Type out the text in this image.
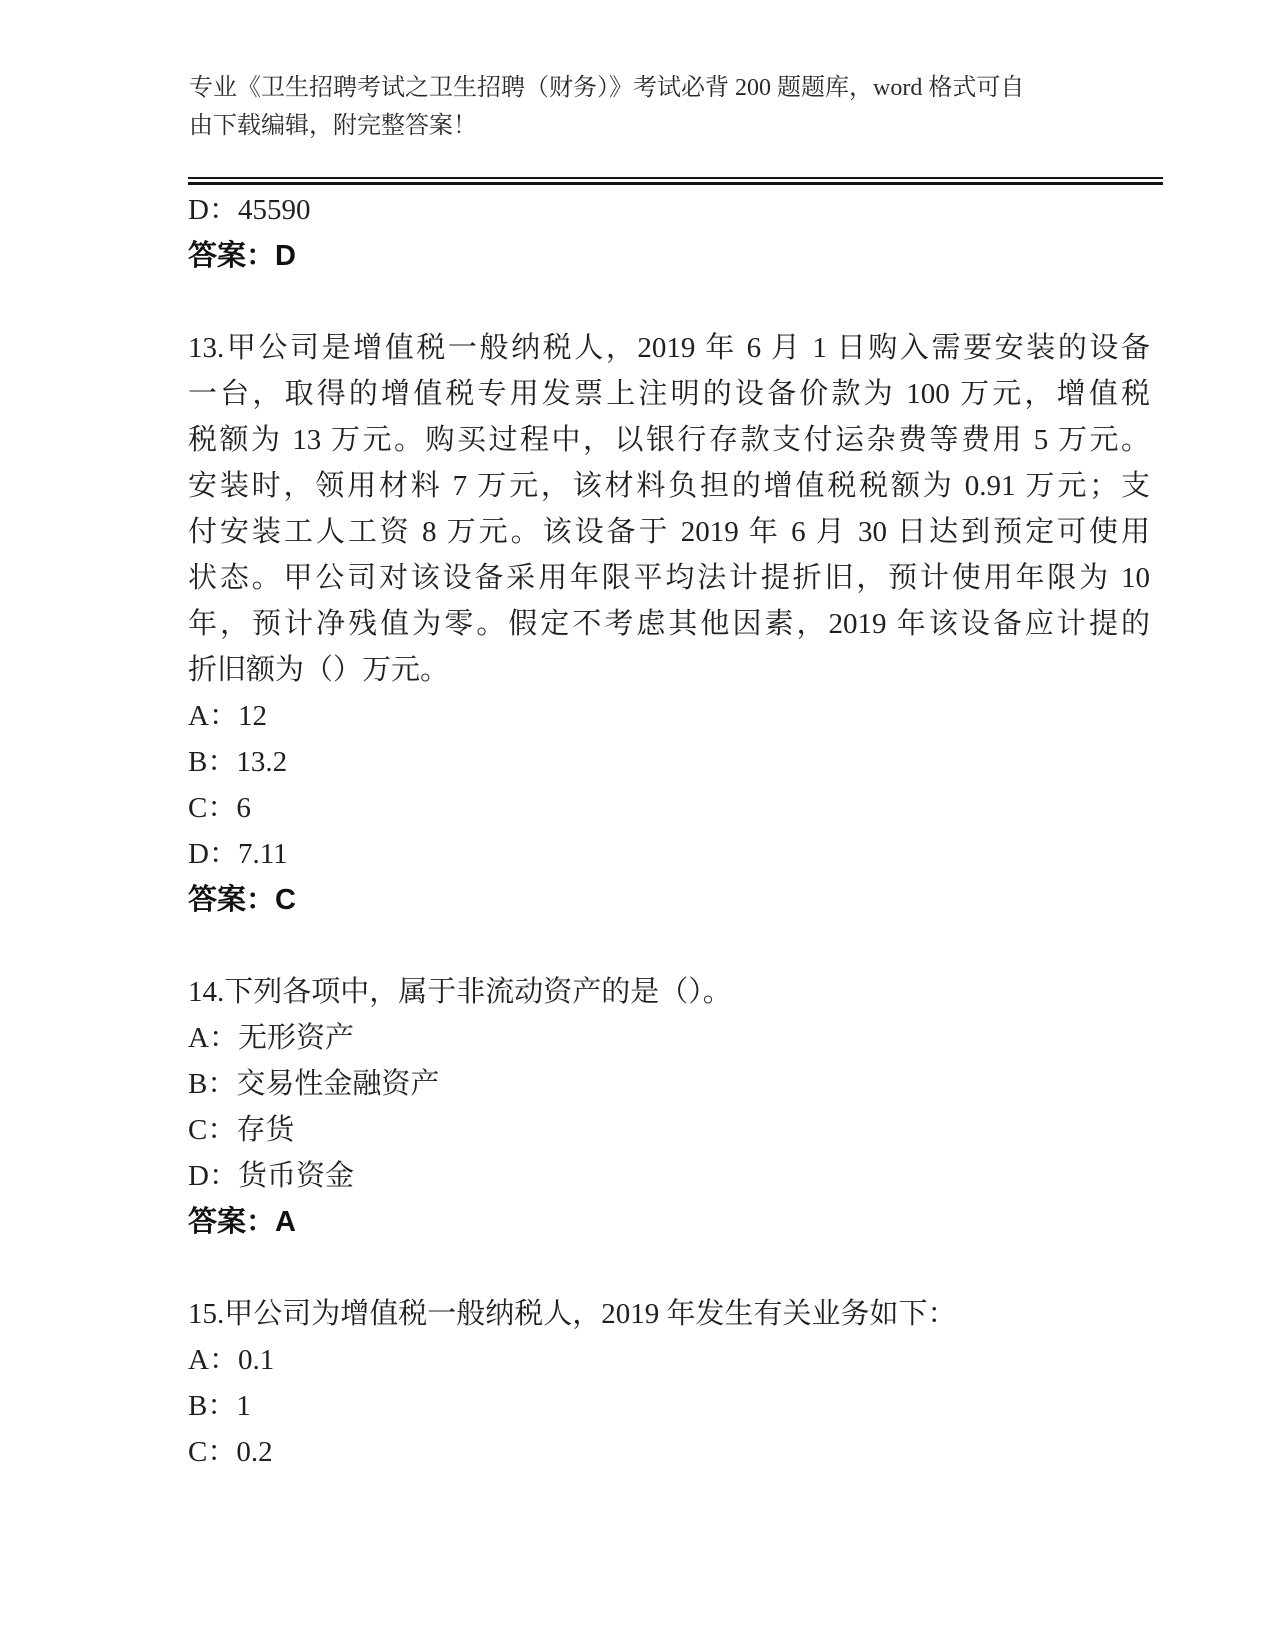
专业《卫生招聘考试之卫生招聘（财务）》考试必背 200 题题库，word 格式可自
由下载编辑，附完整答案！
D：45590
答案：D
13.甲公司是增值税一般纳税人，2019 年 6 月 1 日购入需要安装的设备
一台，取得的增值税专用发票上注明的设备价款为 100 万元，增值税
税额为 13 万元。购买过程中，以银行存款支付运杂费等费用 5 万元。
安装时，领用材料 7 万元，该材料负担的增值税税额为 0.91 万元；支
付安装工人工资 8 万元。该设备于 2019 年 6 月 30 日达到预定可使用
状态。甲公司对该设备采用年限平均法计提折旧，预计使用年限为 10
年，预计净残值为零。假定不考虑其他因素，2019 年该设备应计提的
折旧额为（）万元。
A：12
B：13.2
C：6
D：7.11
答案：C
14.下列各项中，属于非流动资产的是（）。
A：无形资产
B：交易性金融资产
C：存货
D：货币资金
答案：A
15.甲公司为增值税一般纳税人，2019 年发生有关业务如下：
A：0.1
B：1
C：0.2
